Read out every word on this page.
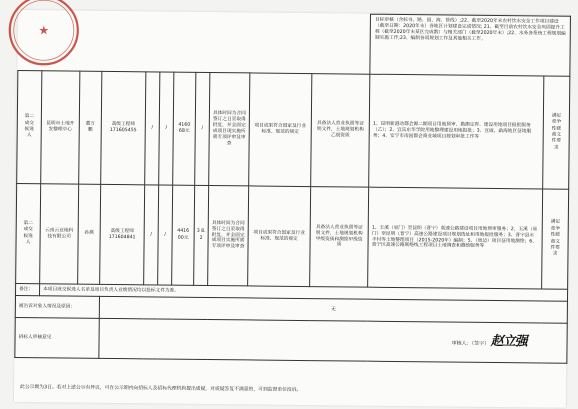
★
											目标审核（含标书、路、国、海、管线）;22、截至2020年末农村饮水安全工作项目建设（截至日期：2020年末）各地区计划建设完成情况; 21、截至目前农村饮水安全巩固提升工程（截至2020年末某区完成数）与相关部门（截至2020年末）;22、水务各系统工程规划编制实施工作;23、编制各项规划工作及其他相关工作。	

第二成交候选人	昆明市土地开发整理中心	董万鹏	高级工程师 171605455	/	/	4160 68元	/	具体时间为合同签订之日至取得批复，并全面完成项目现实施所需专项评审及审查	项目成果符合国家及行业标准、规范的规定	具备法人营业执照等证明文件，土地规划机构乙级资质	1、昆明新港动都会源二期项目用地预审、勘测定界、建设用地项目报批服务（乙）；2、宜宾东华学院用地整理建设用地报批；3、宣威、勐海地区征地服务；4、安宁市南国都会商业城项目规划审批工作等	满足竞争性磋商文件要求

第二成交候选人	云南云业地科技有限公司	孙燕	高级工程师 171604841	/	/	4416 00元	3 8. 2	具体时间为合同签订之日至取得批复，并全面完成项目实施所需专项评审及审查	项目成果符合国家及行业标准、规范的规定	具备法人营业执照等证明文件，土地规划机构甲级资质和测绘甲级资质	1、玉溪（易门）至昆明（晋宁）高速公路建设项目用地预审服务；2、玉溪（易门）至昆明（晋宁）高速公路建设项目规划选址和用地报批服务；3、晋宁县永丰村等土地整理项目（2015-2020年）编制；5、（周边）项目征用地测绘；6、晋宁区高速公路联络线工程项目土地调查和测绘服务等	满足竞争性磋商文件要求

备注：	本项目成交候选人名单及项目负责人业绩情况均以投标文件为准。											
被告诉对象人情况及原因：			无									
招标人审核意见			审核人：（签字） 赵立强									
此公示期为3日。若对上述公示有异议，可在公示期内向招标人及招标代理机构提出质疑，对质疑答复不满意的，可到监督单位投诉。
